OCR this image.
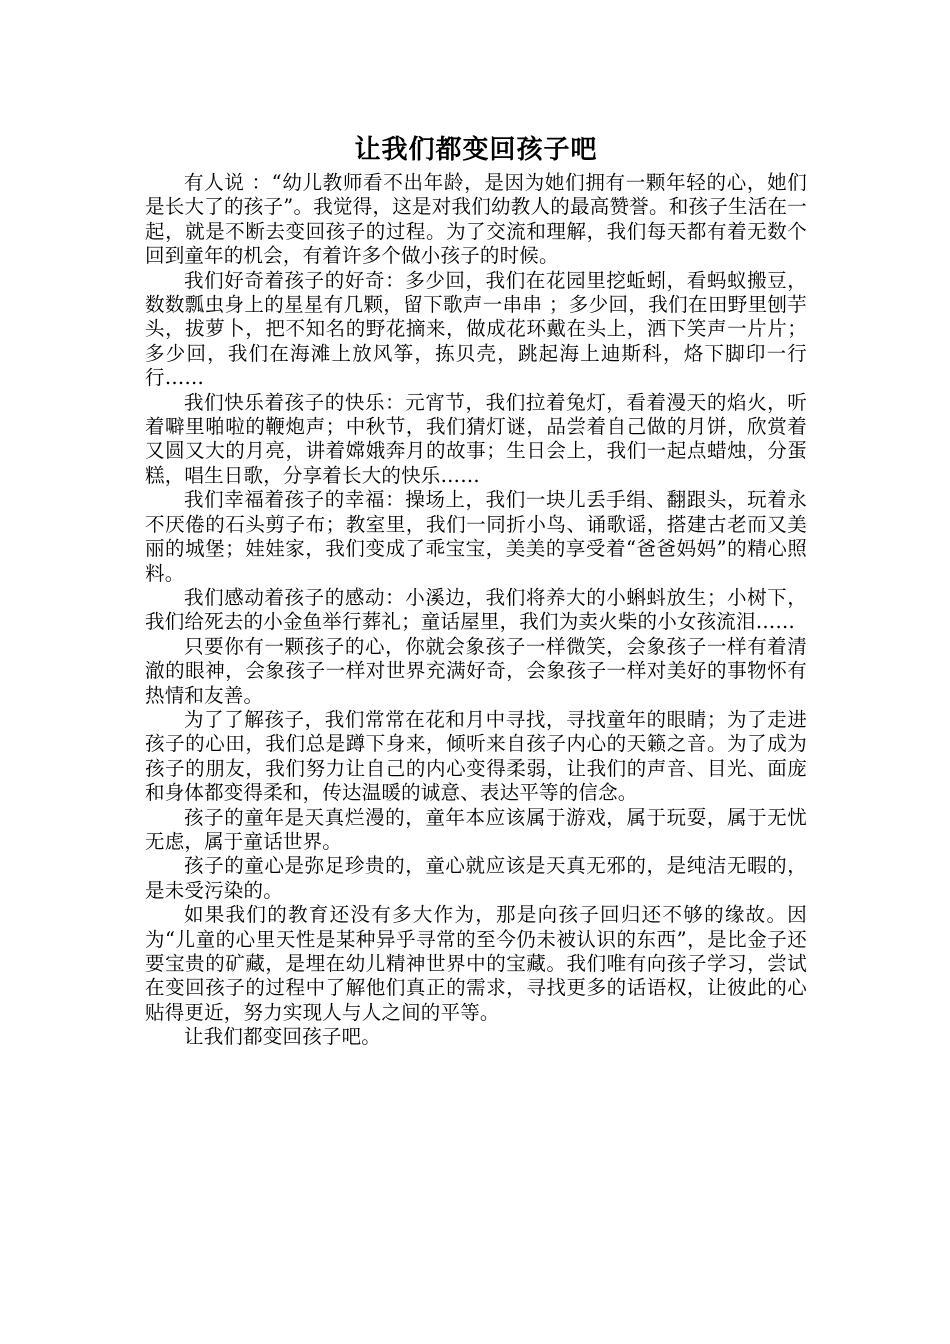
让我们都变回孩子吧

有人说 ：“幼儿教师看不出年龄，是因为她们拥有一颗年轻的心，她们是长大了的孩子”。我觉得，这是对我们幼教人的最高赞誉。和孩子生活在一起，就是不断去变回孩子的过程。为了交流和理解，我们每天都有着无数个回到童年的机会，有着许多个做小孩子的时候。

我们好奇着孩子的好奇：多少回，我们在花园里挖蚯蚓，看蚂蚁搬豆，数数瓢虫身上的星星有几颗，留下歌声一串串 ；多少回，我们在田野里刨芋头，拔萝卜，把不知名的野花摘来，做成花环戴在头上，洒下笑声一片片；多少回，我们在海滩上放风筝，拣贝壳，跳起海上迪斯科，烙下脚印一行行……

我们快乐着孩子的快乐：元宵节，我们拉着兔灯，看着漫天的焰火，听着噼里啪啦的鞭炮声；中秋节，我们猜灯谜，品尝着自己做的月饼，欣赏着又圆又大的月亮，讲着嫦娥奔月的故事；生日会上，我们一起点蜡烛，分蛋糕，唱生日歌，分享着长大的快乐……

我们幸福着孩子的幸福：操场上，我们一块儿丢手绢、翻跟头，玩着永不厌倦的石头剪子布；教室里，我们一同折小鸟、诵歌谣，搭建古老而又美丽的城堡；娃娃家，我们变成了乖宝宝，美美的享受着“爸爸妈妈”的精心照料。

我们感动着孩子的感动：小溪边，我们将养大的小蝌蚪放生；小树下，我们给死去的小金鱼举行葬礼；童话屋里，我们为卖火柴的小女孩流泪……

只要你有一颗孩子的心，你就会象孩子一样微笑，会象孩子一样有着清澈的眼神，会象孩子一样对世界充满好奇，会象孩子一样对美好的事物怀有热情和友善。

为了了解孩子，我们常常在花和月中寻找，寻找童年的眼睛；为了走进孩子的心田，我们总是蹲下身来，倾听来自孩子内心的天籁之音。为了成为孩子的朋友，我们努力让自己的内心变得柔弱，让我们的声音、目光、面庞和身体都变得柔和，传达温暖的诚意、表达平等的信念。

孩子的童年是天真烂漫的，童年本应该属于游戏，属于玩耍，属于无忧无虑，属于童话世界。

孩子的童心是弥足珍贵的，童心就应该是天真无邪的，是纯洁无暇的，是未受污染的。

如果我们的教育还没有多大作为，那是向孩子回归还不够的缘故。因为“儿童的心里天性是某种异乎寻常的至今仍未被认识的东西”，是比金子还要宝贵的矿藏，是埋在幼儿精神世界中的宝藏。我们唯有向孩子学习，尝试在变回孩子的过程中了解他们真正的需求，寻找更多的话语权，让彼此的心贴得更近，努力实现人与人之间的平等。

让我们都变回孩子吧。
